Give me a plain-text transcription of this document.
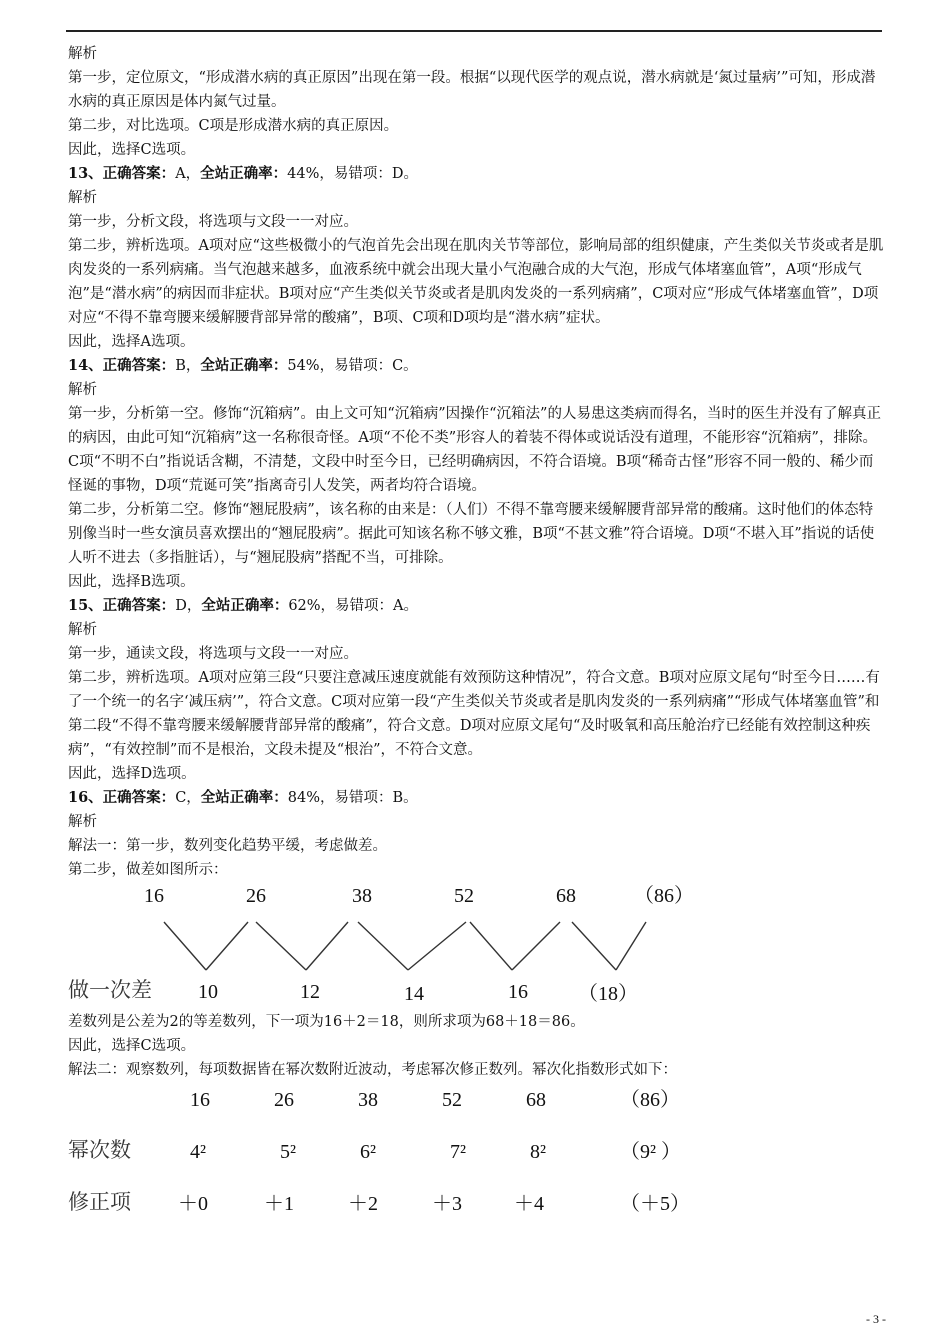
解析

第一步，定位原文，“形成潜水病的真正原因”出现在第一段。根据“以现代医学的观点说，潜水病就是‘氮过量病’”可知，形成潜水病的真正原因是体内氮气过量。

第二步，对比选项。C项是形成潜水病的真正原因。

因此，选择C选项。

13、正确答案：A，全站正确率：44%，易错项：D。

解析

第一步，分析文段，将选项与文段一一对应。

第二步，辨析选项。A项对应“这些极微小的气泡首先会出现在肌肉关节等部位，影响局部的组织健康，产生类似关节炎或者是肌肉发炎的一系列病痛。当气泡越来越多，血液系统中就会出现大量小气泡融合成的大气泡，形成气体堵塞血管”，A项“形成气泡”是“潜水病”的病因而非症状。B项对应“产生类似关节炎或者是肌肉发炎的一系列病痛”，C项对应“形成气体堵塞血管”，D项对应“不得不靠弯腰来缓解腰背部异常的酸痛”，B项、C项和D项均是“潜水病”症状。

因此，选择A选项。

14、正确答案：B，全站正确率：54%，易错项：C。

解析

第一步，分析第一空。修饰“沉箱病”。由上文可知“沉箱病”因操作“沉箱法”的人易患这类病而得名，当时的医生并没有了解真正的病因，由此可知“沉箱病”这一名称很奇怪。A项“不伦不类”形容人的着装不得体或说话没有道理，不能形容“沉箱病”，排除。C项“不明不白”指说话含糊，不清楚，文段中时至今日，已经明确病因，不符合语境。B项“稀奇古怪”形容不同一般的、稀少而怪诞的事物，D项“荒诞可笑”指离奇引人发笑，两者均符合语境。

第二步，分析第二空。修饰“翘屁股病”，该名称的由来是：（人们）不得不靠弯腰来缓解腰背部异常的酸痛。这时他们的体态特别像当时一些女演员喜欢摆出的“翘屁股病”。据此可知该名称不够文雅，B项“不甚文雅”符合语境。D项“不堪入耳”指说的话使人听不进去（多指脏话），与“翘屁股病”搭配不当，可排除。

因此，选择B选项。

15、正确答案：D，全站正确率：62%，易错项：A。

解析

第一步，通读文段，将选项与文段一一对应。

第二步，辨析选项。A项对应第三段“只要注意减压速度就能有效预防这种情况”，符合文意。B项对应原文尾句“时至今日……有了一个统一的名字‘减压病’”，符合文意。C项对应第一段“产生类似关节炎或者是肌肉发炎的一系列病痛”“形成气体堵塞血管”和第二段“不得不靠弯腰来缓解腰背部异常的酸痛”，符合文意。D项对应原文尾句“及时吸氧和高压舱治疗已经能有效控制这种疾病”，“有效控制”而不是根治，文段未提及“根治”，不符合文意。

因此，选择D选项。

16、正确答案：C，全站正确率：84%，易错项：B。

解析

解法一：第一步，数列变化趋势平缓，考虑做差。

第二步，做差如图所示：

16	26	38	52	68	（86）
做一次差 10	12	14	16	（18）

差数列是公差为2的等差数列，下一项为16＋2＝18，则所求项为68＋18＝86。

因此，选择C选项。

解法二：观察数列，每项数据皆在幂次数附近波动，考虑幂次修正数列。幂次化指数形式如下：

16	26	38	52	68	（86）
幂次数	4²	5²	6²	7²	8²	（9² ）
修正项 ＋0	＋1	＋2	＋3	＋4	（＋5）
- 3 -
